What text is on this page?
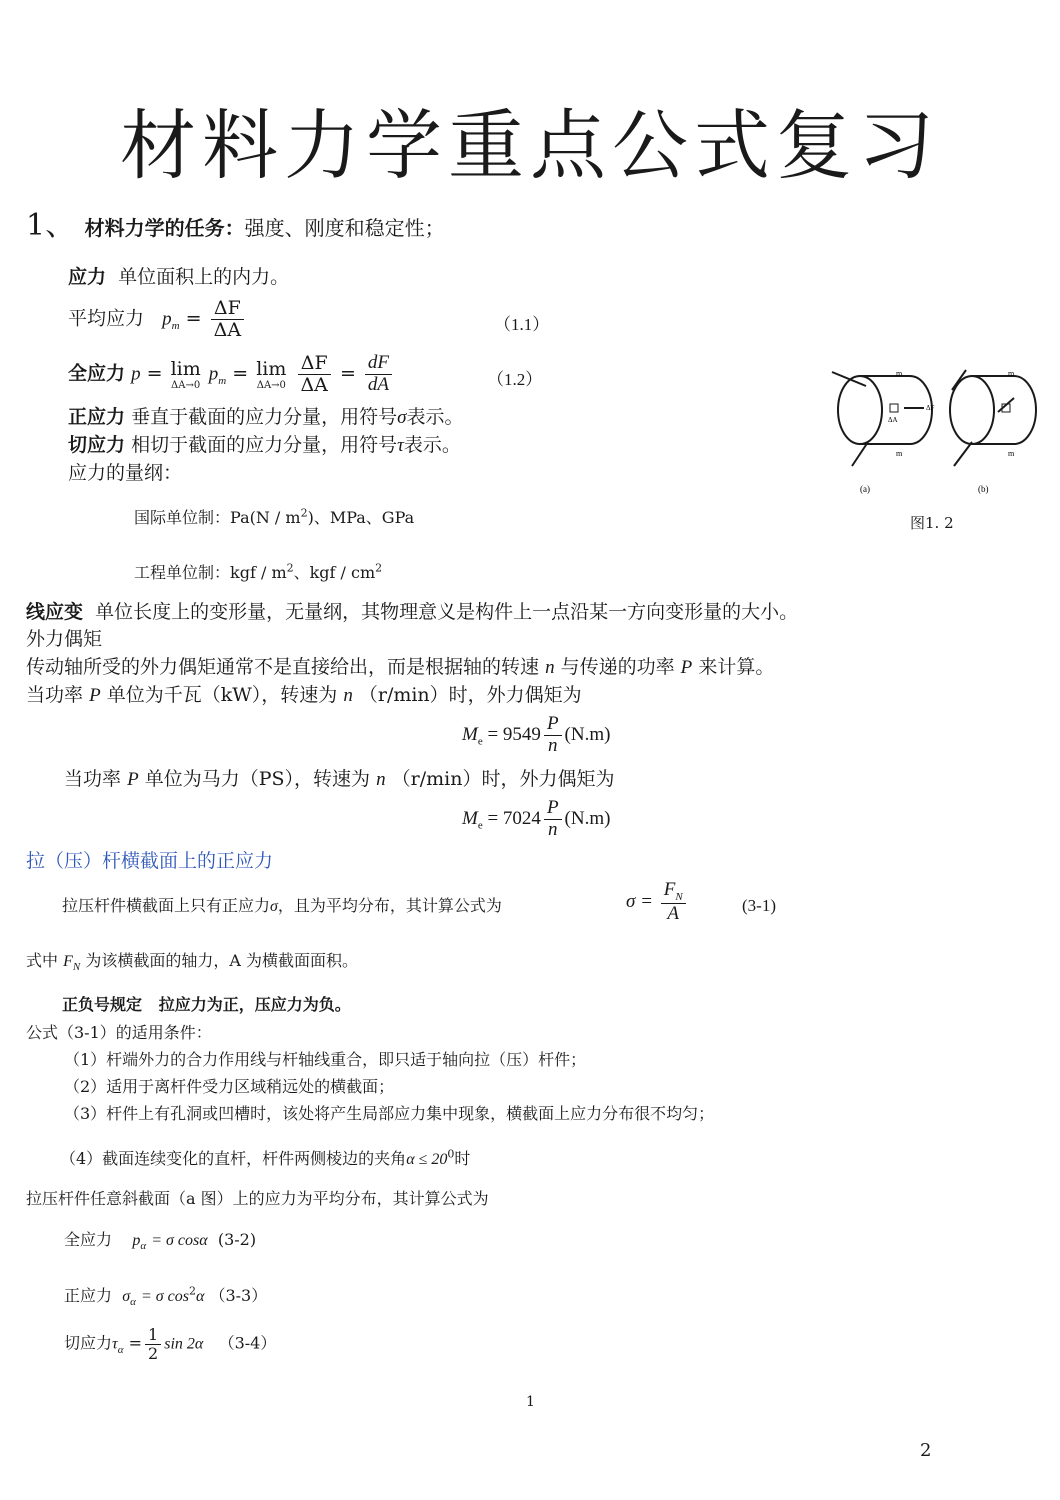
材料力学重点公式复习
1、 材料力学的任务：强度、刚度和稳定性；
应力 单位面积上的内力。
平均应力 $p_m = \frac{\Delta F}{\Delta A}$	（1.1）
全应力 p = lim
ΔA→0
$p_m = \lim$
ΔA→0
$\frac{\Delta F}{\Delta A} = \frac{dF}{dA}$	（1.2）
正应力 垂直于截面的应力分量，用符号σ表示。
切应力 相切于截面的应力分量，用符号τ表示。
应力的量纲：
国际单位制：$Pa(N / m^2)$、MPa、GPa
工程单位制：kgf / $m^2$、kgf / $cm^2$
ΔF
ΔA
m
m
m
m
(a)	(b)
图1. 2
线应变 单位长度上的变形量，无量纲，其物理意义是构件上一点沿某一方向变形量的大小。
外力偶矩
传动轴所受的外力偶矩通常不是直接给出，而是根据轴的转速 n 与传递的功率 P 来计算。
当功率 P 单位为千瓦（kW），转速为 n （r/min）时，外力偶矩为
$M_e = 9549 \frac{P}{n} (N.m)$
当功率 P 单位为马力（PS），转速为 n （r/min）时，外力偶矩为
$M_e = 7024 \frac{P}{n} (N.m)$
拉（压）杆横截面上的正应力
拉压杆件横截面上只有正应力σ，且为平均分布，其计算公式为	$\sigma = \frac{F_N}{A}$	(3-1)
式中 $F_N$ 为该横截面的轴力，A 为横截面面积。
正负号规定 拉应力为正，压应力为负。
公式（3-1）的适用条件：
（1）杆端外力的合力作用线与杆轴线重合，即只适于轴向拉（压）杆件；
（2）适用于离杆件受力区域稍远处的横截面；
（3）杆件上有孔洞或凹槽时，该处将产生局部应力集中现象，横截面上应力分布很不均匀；
（4）截面连续变化的直杆，杆件两侧棱边的夹角$\alpha \le 20^0$时
拉压杆件任意斜截面（a 图）上的应力为平均分布，其计算公式为
全应力 $p_\alpha = \sigma$ cosα (3-2)
正应力 $\sigma_\alpha = \sigma$ $\cos^2\alpha$ （3-3）
切应力$\tau_\alpha = \frac{1}{2}$ sin 2α （3-4）
1
2
